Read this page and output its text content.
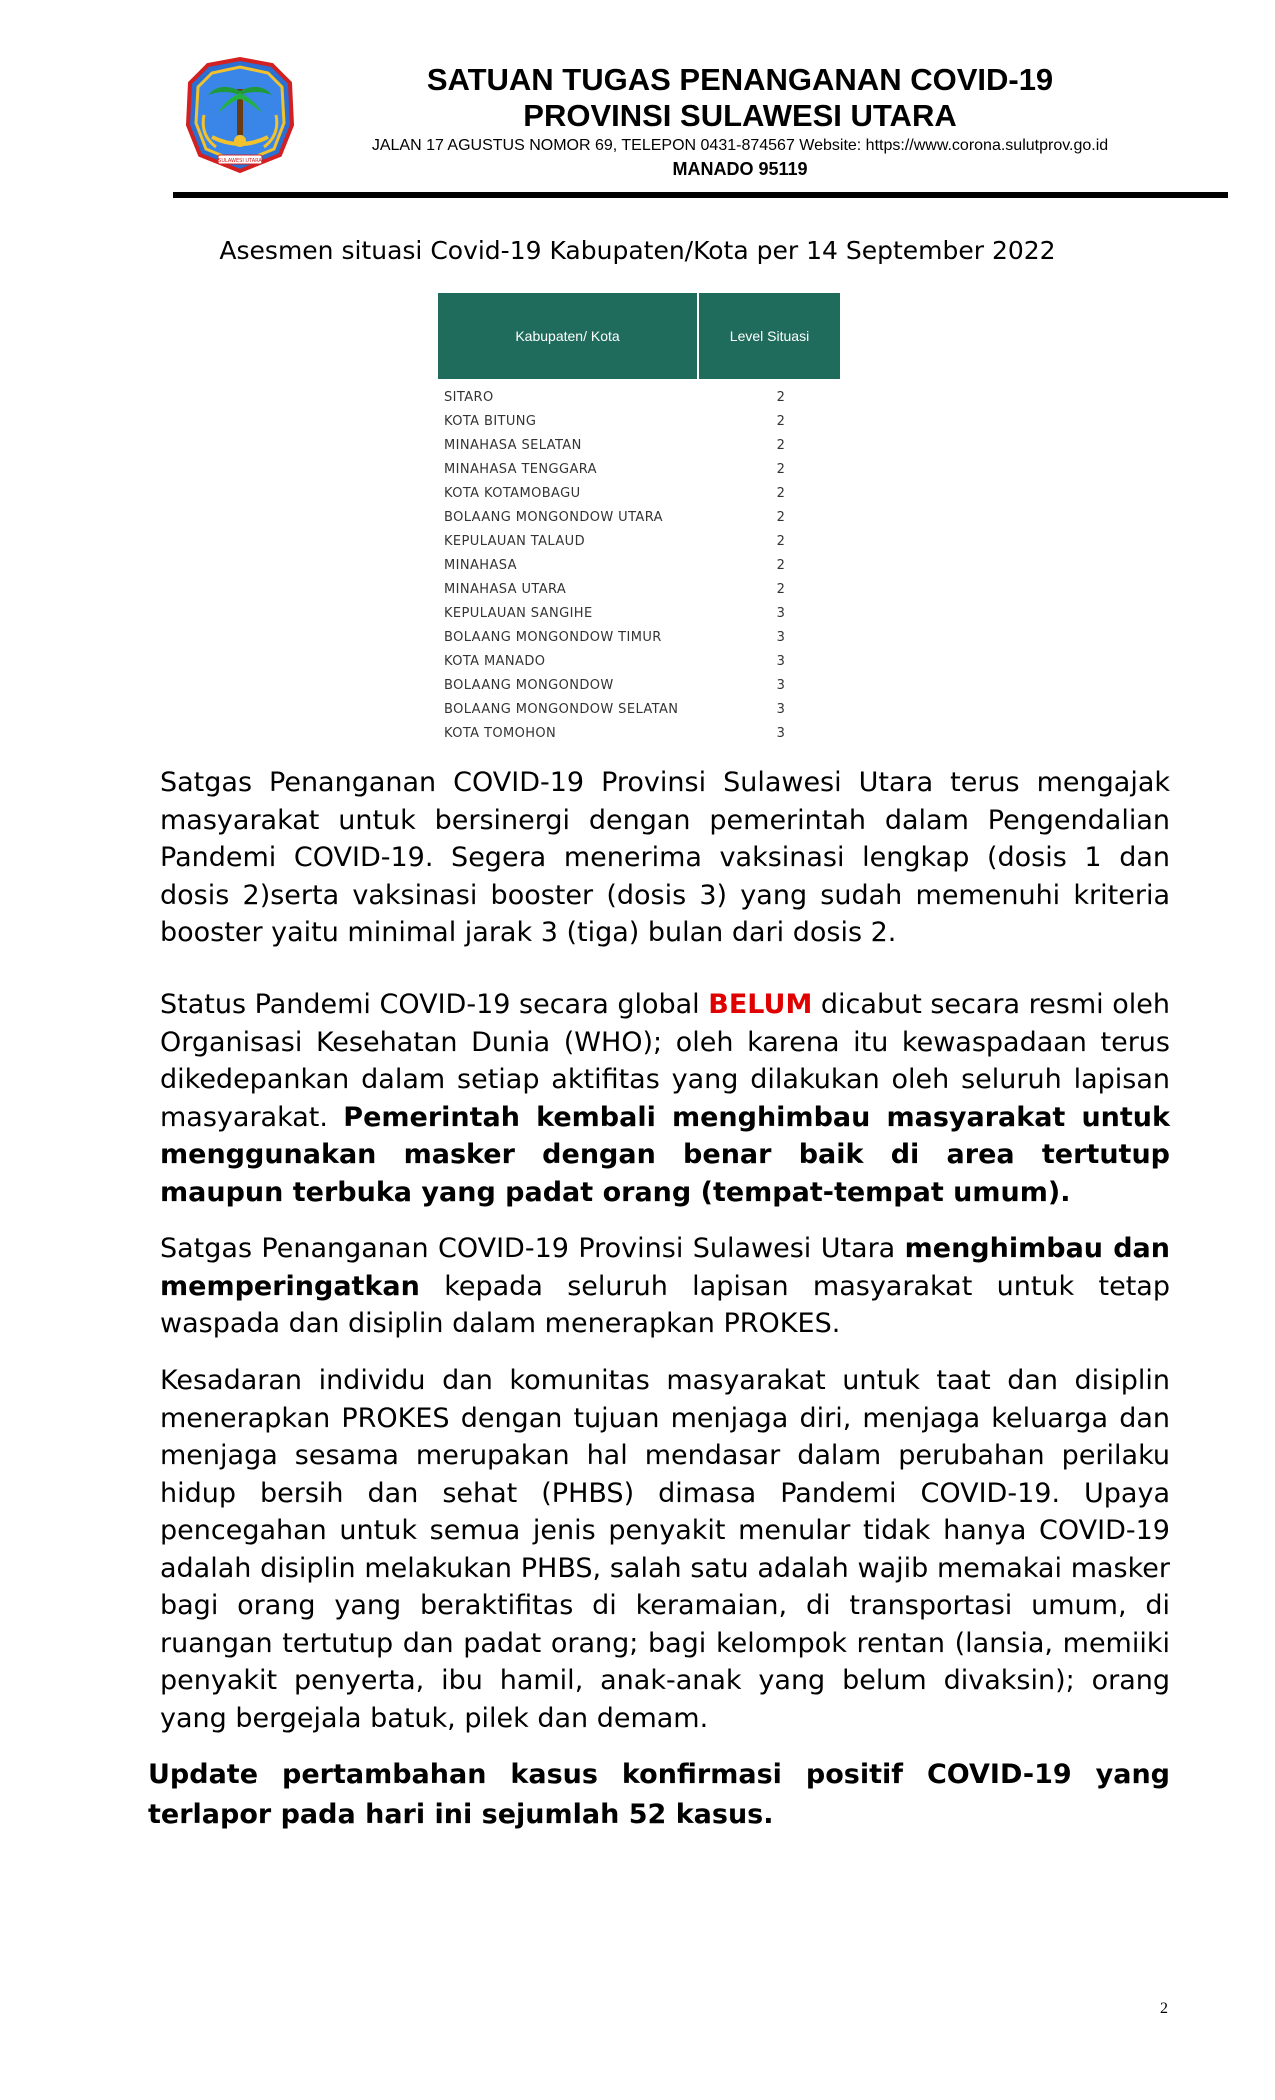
SULAWESI UTARA
SATUAN TUGAS PENANGANAN COVID-19
PROVINSI SULAWESI UTARA
JALAN 17 AGUSTUS NOMOR 69, TELEPON 0431-874567 Website: https://www.corona.sulutprov.go.id
MANADO 95119
Asesmen situasi Covid-19 Kabupaten/Kota per 14 September 2022
Kabupaten/ Kota	Level Situasi
SITARO	2
KOTA BITUNG	2
MINAHASA SELATAN	2
MINAHASA TENGGARA	2
KOTA KOTAMOBAGU	2
BOLAANG MONGONDOW UTARA	2
KEPULAUAN TALAUD	2
MINAHASA	2
MINAHASA UTARA	2
KEPULAUAN SANGIHE	3
BOLAANG MONGONDOW TIMUR	3
KOTA MANADO	3
BOLAANG MONGONDOW	3
BOLAANG MONGONDOW SELATAN	3
KOTA TOMOHON	3

Satgas Penanganan COVID-19 Provinsi Sulawesi Utara terus mengajak masyarakat untuk bersinergi dengan pemerintah dalam Pengendalian Pandemi COVID-19. Segera menerima vaksinasi lengkap (dosis 1 dan dosis 2)serta vaksinasi booster (dosis 3) yang sudah memenuhi kriteria booster yaitu minimal jarak 3 (tiga) bulan dari dosis 2.

Status Pandemi COVID-19 secara global BELUM dicabut secara resmi oleh Organisasi Kesehatan Dunia (WHO); oleh karena itu kewaspadaan terus dikedepankan dalam setiap aktifitas yang dilakukan oleh seluruh lapisan masyarakat. Pemerintah kembali menghimbau masyarakat untuk menggunakan masker dengan benar baik di area tertutup maupun terbuka yang padat orang (tempat-tempat umum).

Satgas Penanganan COVID-19 Provinsi Sulawesi Utara menghimbau dan memperingatkan kepada seluruh lapisan masyarakat untuk tetap waspada dan disiplin dalam menerapkan PROKES.

Kesadaran individu dan komunitas masyarakat untuk taat dan disiplin menerapkan PROKES dengan tujuan menjaga diri, menjaga keluarga dan menjaga sesama merupakan hal mendasar dalam perubahan perilaku hidup bersih dan sehat (PHBS) dimasa Pandemi COVID-19. Upaya pencegahan untuk semua jenis penyakit menular tidak hanya COVID-19 adalah disiplin melakukan PHBS, salah satu adalah wajib memakai masker bagi orang yang beraktifitas di keramaian, di transportasi umum, di ruangan tertutup dan padat orang; bagi kelompok rentan (lansia, memiiki penyakit penyerta, ibu hamil, anak-anak yang belum divaksin); orang yang bergejala batuk, pilek dan demam.

Update pertambahan kasus konfirmasi positif COVID-19 yang terlapor pada hari ini sejumlah 52 kasus.

2
